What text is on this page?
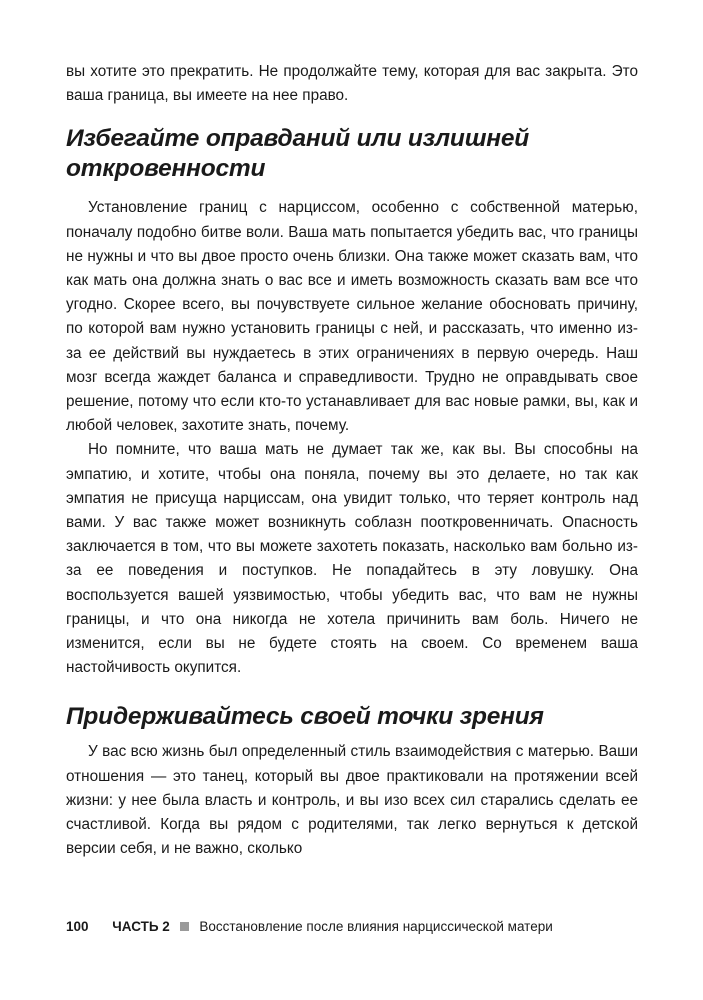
вы хотите это прекратить. Не продолжайте тему, которая для вас закрыта. Это ваша граница, вы имеете на нее право.

Избегайте оправданий или излишней откровенности

Установление границ с нарциссом, особенно с собственной матерью, поначалу подобно битве воли. Ваша мать попытается убедить вас, что границы не нужны и что вы двое просто очень близки. Она также может сказать вам, что как мать она должна знать о вас все и иметь возможность сказать вам все что угодно. Скорее всего, вы почувствуете сильное желание обосновать причину, по которой вам нужно установить границы с ней, и рассказать, что именно из-за ее действий вы нуждаетесь в этих ограничениях в первую очередь. Наш мозг всегда жаждет баланса и справедливости. Трудно не оправдывать свое решение, потому что если кто-то устанавливает для вас новые рамки, вы, как и любой человек, захотите знать, почему.

Но помните, что ваша мать не думает так же, как вы. Вы способны на эмпатию, и хотите, чтобы она поняла, почему вы это делаете, но так как эмпатия не присуща нарциссам, она увидит только, что теряет контроль над вами. У вас также может возникнуть соблазн пооткровенничать. Опасность заключается в том, что вы можете захотеть показать, насколько вам больно из-за ее поведения и поступков. Не попадайтесь в эту ловушку. Она воспользуется вашей уязвимостью, чтобы убедить вас, что вам не нужны границы, и что она никогда не хотела причинить вам боль. Ничего не изменится, если вы не будете стоять на своем. Со временем ваша настойчивость окупится.

Придерживайтесь своей точки зрения

У вас всю жизнь был определенный стиль взаимодействия с матерью. Ваши отношения — это танец, который вы двое практиковали на протяжении всей жизни: у нее была власть и контроль, и вы изо всех сил старались сделать ее счастливой. Когда вы рядом с родителями, так легко вернуться к детской версии себя, и не важно, сколько

100 ЧАСТЬ 2 Восстановление после влияния нарциссической матери
